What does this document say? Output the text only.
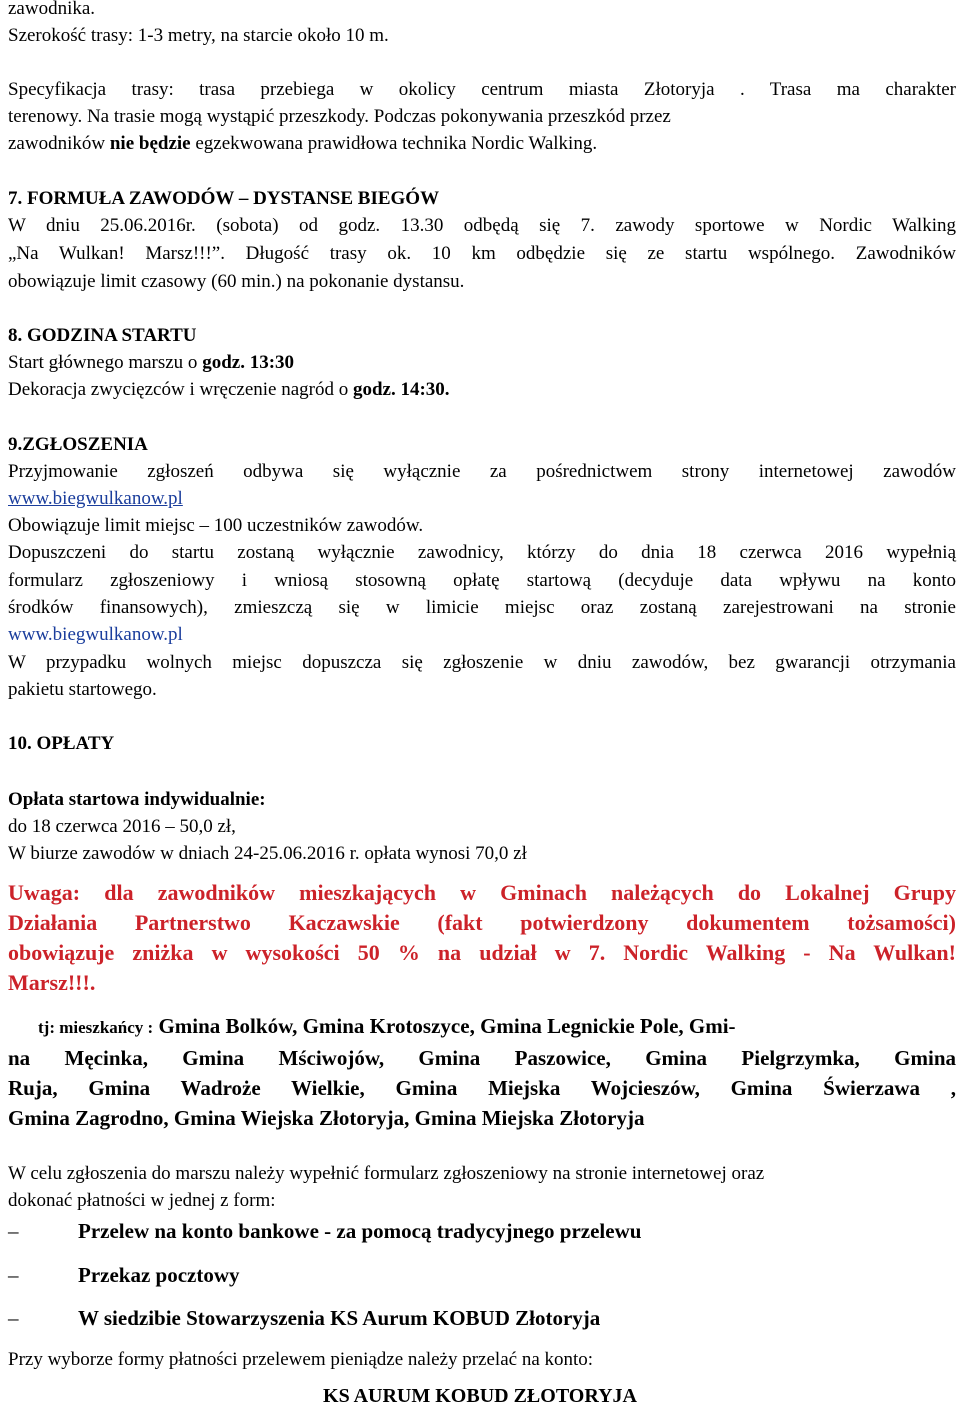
zawodnika.
Szerokość trasy: 1-3 metry, na starcie około 10 m.
Specyfikacja trasy: trasa przebiega w okolicy centrum miasta Złotoryja . Trasa ma charakter
terenowy. Na trasie mogą wystąpić przeszkody. Podczas pokonywania przeszkód przez
zawodników nie będzie egzekwowana prawidłowa technika Nordic Walking.
7. FORMUŁA ZAWODÓW – DYSTANSE BIEGÓW
W dniu 25.06.2016r. (sobota) od godz. 13.30 odbędą się 7. zawody sportowe w Nordic Walking
„Na Wulkan! Marsz!!!”. Długość trasy ok. 10 km odbędzie się ze startu wspólnego. Zawodników
obowiązuje limit czasowy (60 min.) na pokonanie dystansu.
8. GODZINA STARTU
Start głównego marszu o godz. 13:30
Dekoracja zwycięzców i wręczenie nagród o godz. 14:30.
9.ZGŁOSZENIA
Przyjmowanie zgłoszeń odbywa się wyłącznie za pośrednictwem strony internetowej zawodów
www.biegwulkanow.pl
Obowiązuje limit miejsc – 100 uczestników zawodów.
Dopuszczeni do startu zostaną wyłącznie zawodnicy, którzy do dnia 18 czerwca 2016 wypełnią
formularz zgłoszeniowy i wniosą stosowną opłatę startową (decyduje data wpływu na konto
środków finansowych), zmieszczą się w limicie miejsc oraz zostaną zarejestrowani na stronie
www.biegwulkanow.pl
W przypadku wolnych miejsc dopuszcza się zgłoszenie w dniu zawodów, bez gwarancji otrzymania
pakietu startowego.
10. OPŁATY
Opłata startowa indywidualnie:
do 18 czerwca 2016 – 50,0 zł,
W biurze zawodów w dniach 24-25.06.2016 r. opłata wynosi 70,0 zł
Uwaga: dla zawodników mieszkających w Gminach należących do Lokalnej Grupy
Działania Partnerstwo Kaczawskie (fakt potwierdzony dokumentem tożsamości)
obowiązuje zniżka w wysokości 50 % na udział w 7. Nordic Walking - Na Wulkan!
Marsz!!!.
tj: mieszkańcy : Gmina Bolków, Gmina Krotoszyce, Gmina Legnickie Pole, Gmi-
na Męcinka, Gmina Mściwojów, Gmina Paszowice, Gmina Pielgrzymka, Gmina
Ruja, Gmina Wadroże Wielkie, Gmina Miejska Wojcieszów, Gmina Świerzawa ,
Gmina Zagrodno, Gmina Wiejska Złotoryja, Gmina Miejska Złotoryja
W celu zgłoszenia do marszu należy wypełnić formularz zgłoszeniowy na stronie internetowej oraz
dokonać płatności w jednej z form:
–	Przelew na konto bankowe - za pomocą tradycyjnego przelewu
–	Przekaz pocztowy
–	W siedzibie Stowarzyszenia KS Aurum KOBUD Złotoryja
Przy wyborze formy płatności przelewem pieniądze należy przelać na konto:
KS AURUM KOBUD ZŁOTORYJA
